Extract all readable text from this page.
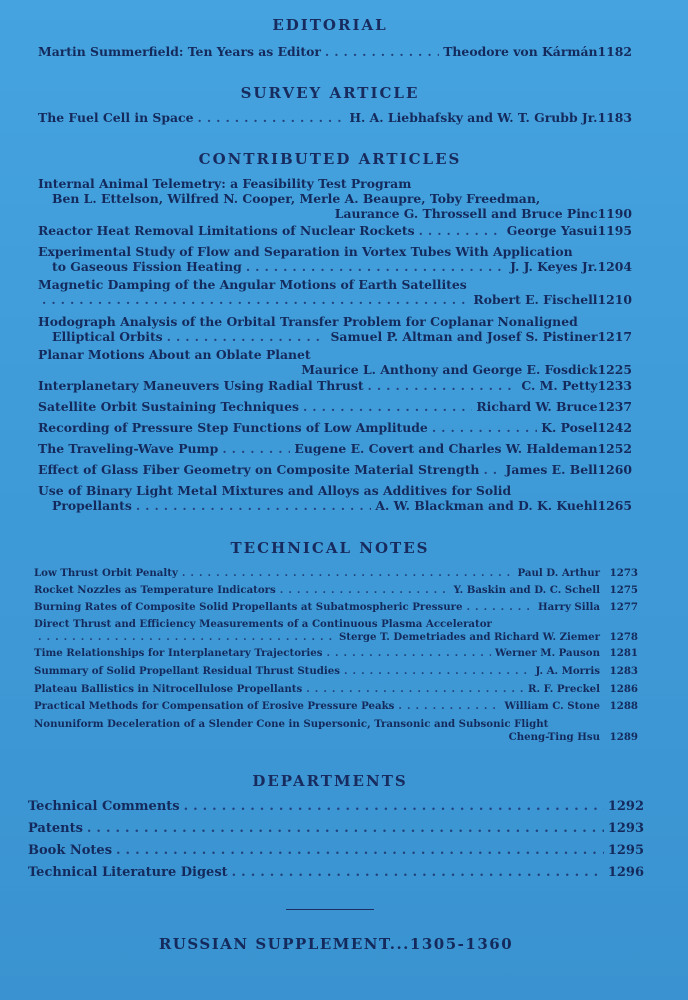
EDITORIAL
Martin Summerfield: Ten Years as Editor .....	Theodore von Kármán 1182
SURVEY ARTICLE
The Fuel Cell in Space .....	H. A. Liebhafsky and W. T. Grubb Jr. 1183
CONTRIBUTED ARTICLES
Internal Animal Telemetry: a Feasibility Test Program
Ben L. Ettelson, Wilfred N. Cooper, Merle A. Beaupre, Toby Freedman,
Laurance G. Throssell and Bruce Pinc 1190
Reactor Heat Removal Limitations of Nuclear Rockets .....	George Yasui 1195
Experimental Study of Flow and Separation in Vortex Tubes With Application
to Gaseous Fission Heating .....	J. J. Keyes Jr. 1204
Magnetic Damping of the Angular Motions of Earth Satellites
.....
Robert E. Fischell 1210
Hodograph Analysis of the Orbital Transfer Problem for Coplanar Nonaligned
Elliptical Orbits .....	Samuel P. Altman and Josef S. Pistiner 1217
Planar Motions About an Oblate Planet
Maurice L. Anthony and George E. Fosdick 1225
Interplanetary Maneuvers Using Radial Thrust .....	C. M. Petty 1233
Satellite Orbit Sustaining Techniques .....	Richard W. Bruce 1237
Recording of Pressure Step Functions of Low Amplitude .....	K. Posel 1242
The Traveling-Wave Pump .....	Eugene E. Covert and Charles W. Haldeman 1252
Effect of Glass Fiber Geometry on Composite Material Strength ..... James E. Bell 1260
Use of Binary Light Metal Mixtures and Alloys as Additives for Solid
Propellants .....	A. W. Blackman and D. K. Kuehl 1265
TECHNICAL NOTES
Low Thrust Orbit Penalty .....	Paul D. Arthur 1273
Rocket Nozzles as Temperature Indicators .....	Y. Baskin and D. C. Schell 1275
Burning Rates of Composite Solid Propellants at Subatmospheric Pressure .....	Harry Silla 1277
Direct Thrust and Efficiency Measurements of a Continuous Plasma Accelerator
.....
Sterge T. Demetriades and Richard W. Ziemer 1278
Time Relationships for Interplanetary Trajectories .....	Werner M. Pauson 1281
Summary of Solid Propellant Residual Thrust Studies .....	J. A. Morris 1283
Plateau Ballistics in Nitrocellulose Propellants .....	R. F. Preckel 1286
Practical Methods for Compensation of Erosive Pressure Peaks .....	William C. Stone 1288
Nonuniform Deceleration of a Slender Cone in Supersonic, Transonic and Subsonic Flight
Cheng-Ting Hsu 1289
DEPARTMENTS
Technical Comments .....	1292
Patents .....	1293
Book Notes .....	1295
Technical Literature Digest .....	1296
RUSSIAN SUPPLEMENT...1305-1360
